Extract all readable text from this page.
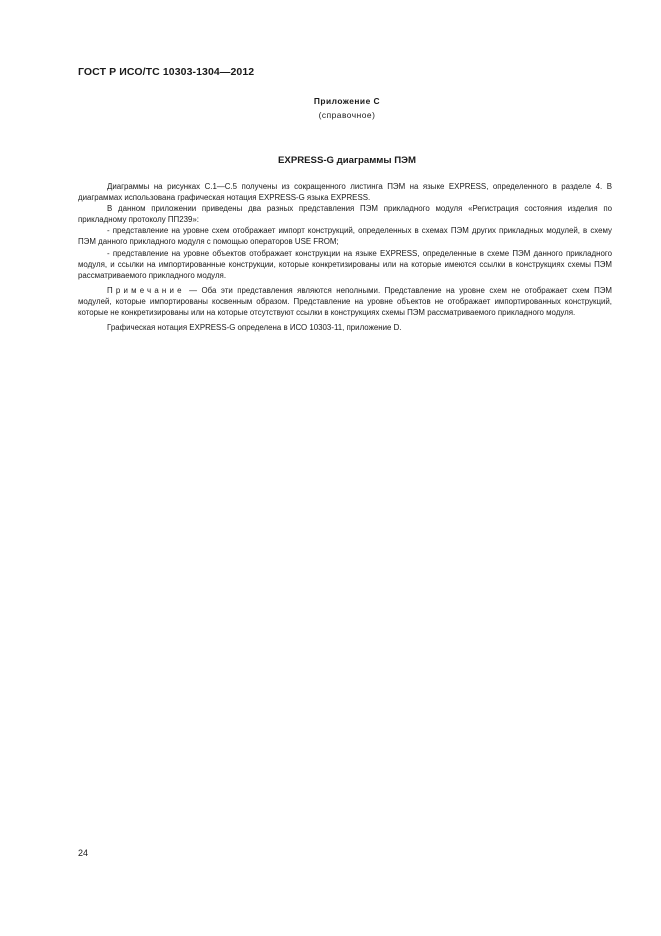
ГОСТ Р ИСО/ТС 10303-1304—2012
Приложение С
(справочное)
EXPRESS-G диаграммы ПЭМ

Диаграммы на рисунках С.1—С.5 получены из сокращенного листинга ПЭМ на языке EXPRESS, определенного в разделе 4. В диаграммах использована графическая нотация EXPRESS-G языка EXPRESS.

В данном приложении приведены два разных представления ПЭМ прикладного модуля «Регистрация состояния изделия по прикладному протоколу ПП239»:

- представление на уровне схем отображает импорт конструкций, определенных в схемах ПЭМ других прикладных модулей, в схему ПЭМ данного прикладного модуля с помощью операторов USE FROM;

- представление на уровне объектов отображает конструкции на языке EXPRESS, определенные в схеме ПЭМ данного прикладного модуля, и ссылки на импортированные конструкции, которые конкретизированы или на которые имеются ссылки в конструкциях схемы ПЭМ рассматриваемого прикладного модуля.

Примечание — Оба эти представления являются неполными. Представление на уровне схем не отображает схем ПЭМ модулей, которые импортированы косвенным образом. Представление на уровне объектов не отображает импортированных конструкций, которые не конкретизированы или на которые отсутствуют ссылки в конструкциях схемы ПЭМ рассматриваемого прикладного модуля.

Графическая нотация EXPRESS-G определена в ИСО 10303-11, приложение D.

24
